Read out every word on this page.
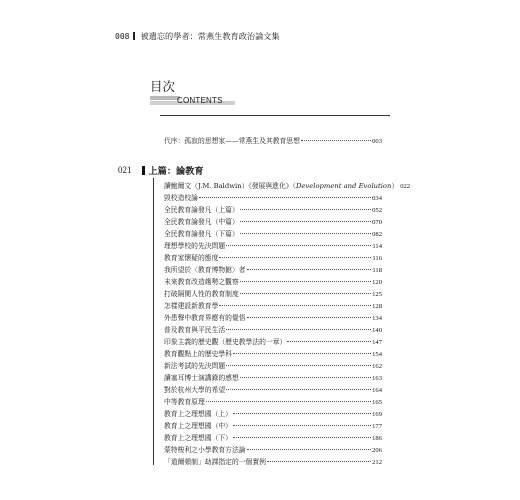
008 被遺忘的學者：常燕生教育政治論文集
目次
CONTENTS
代序：孤寂的思想家——常燕生及其教育思想	003
021	上篇：論教育
讀鮑爾文（J.M. Baldwin）《發展與進化》（Development and Evolution） 022
毀校造校論	034
全民教育論發凡（上篇）	052
全民教育論發凡（中篇）	070
全民教育論發凡（下篇）	082
理想學校的先決問題	114
教育家懷疑的態度	116
我所望於〈教育博物館〉者	118
未來教育改造趨勢之觀察	120
打破隔閡人性的教育制度	125
怎樣建設新教育學	128
外患聲中教育界應有的覺悟	134
普及教育與平民生活	140
印象主義的歷史觀（歷史教學法的一章）	147
教育觀點上的歷史學科	154
新法考試的先決問題	162
讀塞耳博士演講錄的感想	163
對於杭州大學的希望	164
中等教育原理	165
教育上之理想國（上）	169
教育上之理想國（中）	177
教育上之理想國（下）	186
蒙特梭利之小學教育方法論	206
「道爾頓制」劫課指定的一個實例	212
